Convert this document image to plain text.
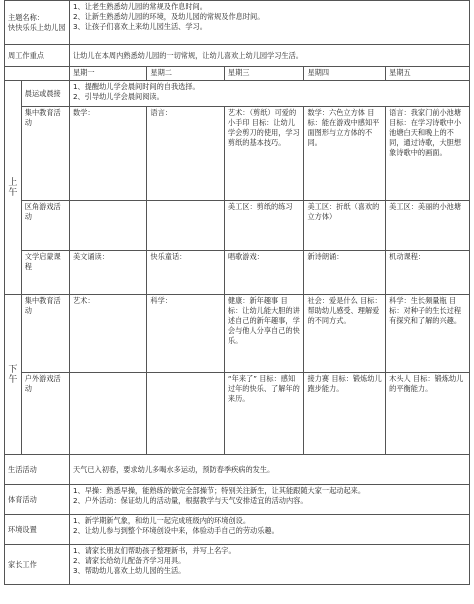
主题名称：
快快乐乐上幼儿园		1、让老生熟悉幼儿园的常规及作息时间。
2、让新生熟悉幼儿园的环境，及幼儿园的常规及作息时间。
3、让孩子们喜欢上来幼儿园生活、学习。				

周工作重点		让幼儿在本周内熟悉幼儿园的一切常规，让幼儿喜欢上幼儿园学习生活。				
		星期一	星期二	星期三	星期四	星期五

上
午	晨运或晨接	1、提醒幼儿学会晨间时间的自我选择。
2、引导幼儿学会晨间阅读。				

	集中教育活动	数学：	语言：	艺术：（剪纸）可爱的小手印 目标：让幼儿学会剪刀的使用，学习剪纸的基本技巧。	数学：六色立方体 目标：能在游戏中感知平面图形与立方体的不同。	语言：我家门前小池塘 目标：在学习诗歌中小池塘白天和晚上的不同，通过诗歌，大胆想象诗歌中的画面。
	区角游戏活动			美工区：剪纸的练习	美工区：折纸（喜欢的立方体）	美工区：美丽的小池塘
	文学启蒙课程	美文诵读：	快乐童话：	唱歌游戏：	新诗朗诵：	机动课程：

下
午	集中教育活动	艺术：	科学：	健康：新年趣事 目标：让幼儿能大胆的讲述自己的新年趣事，学会与他人分享自己的快乐。	社会：爱是什么 目标：帮助幼儿感受、理解爱的不同方式。	科学：生长频量瓶 目标：对种子的生长过程有探究和了解的兴趣。
	户外游戏活动			“年来了” 目标：感知过年的快乐、了解年的来历。	接力赛 目标：锻炼幼儿跑步能力。	木头人 目标：锻炼幼儿的平衡能力。
生活活动		天气已入初春，要求幼儿多喝水多运动，预防春季疾病的发生。				
体育活动		1、早操：熟悉早操，能熟练的做完全部操节；特别关注新生，让其能跟随大家一起动起来。
2、户外活动：保证幼儿的活动量，根据教学与天气安排适宜的活动内容。				

环境设置		1、新学期新气象，和幼儿一起完成班级内的环境创设。
2、让幼儿参与到整个环境创设中来，体验动手自己的劳动乐趣。				

家长工作		1、请家长朋友们帮助孩子整理新书，并写上名字。
2、请家长给幼儿配备齐学习用具。
3、帮助幼儿喜欢上幼儿园的生活。				
